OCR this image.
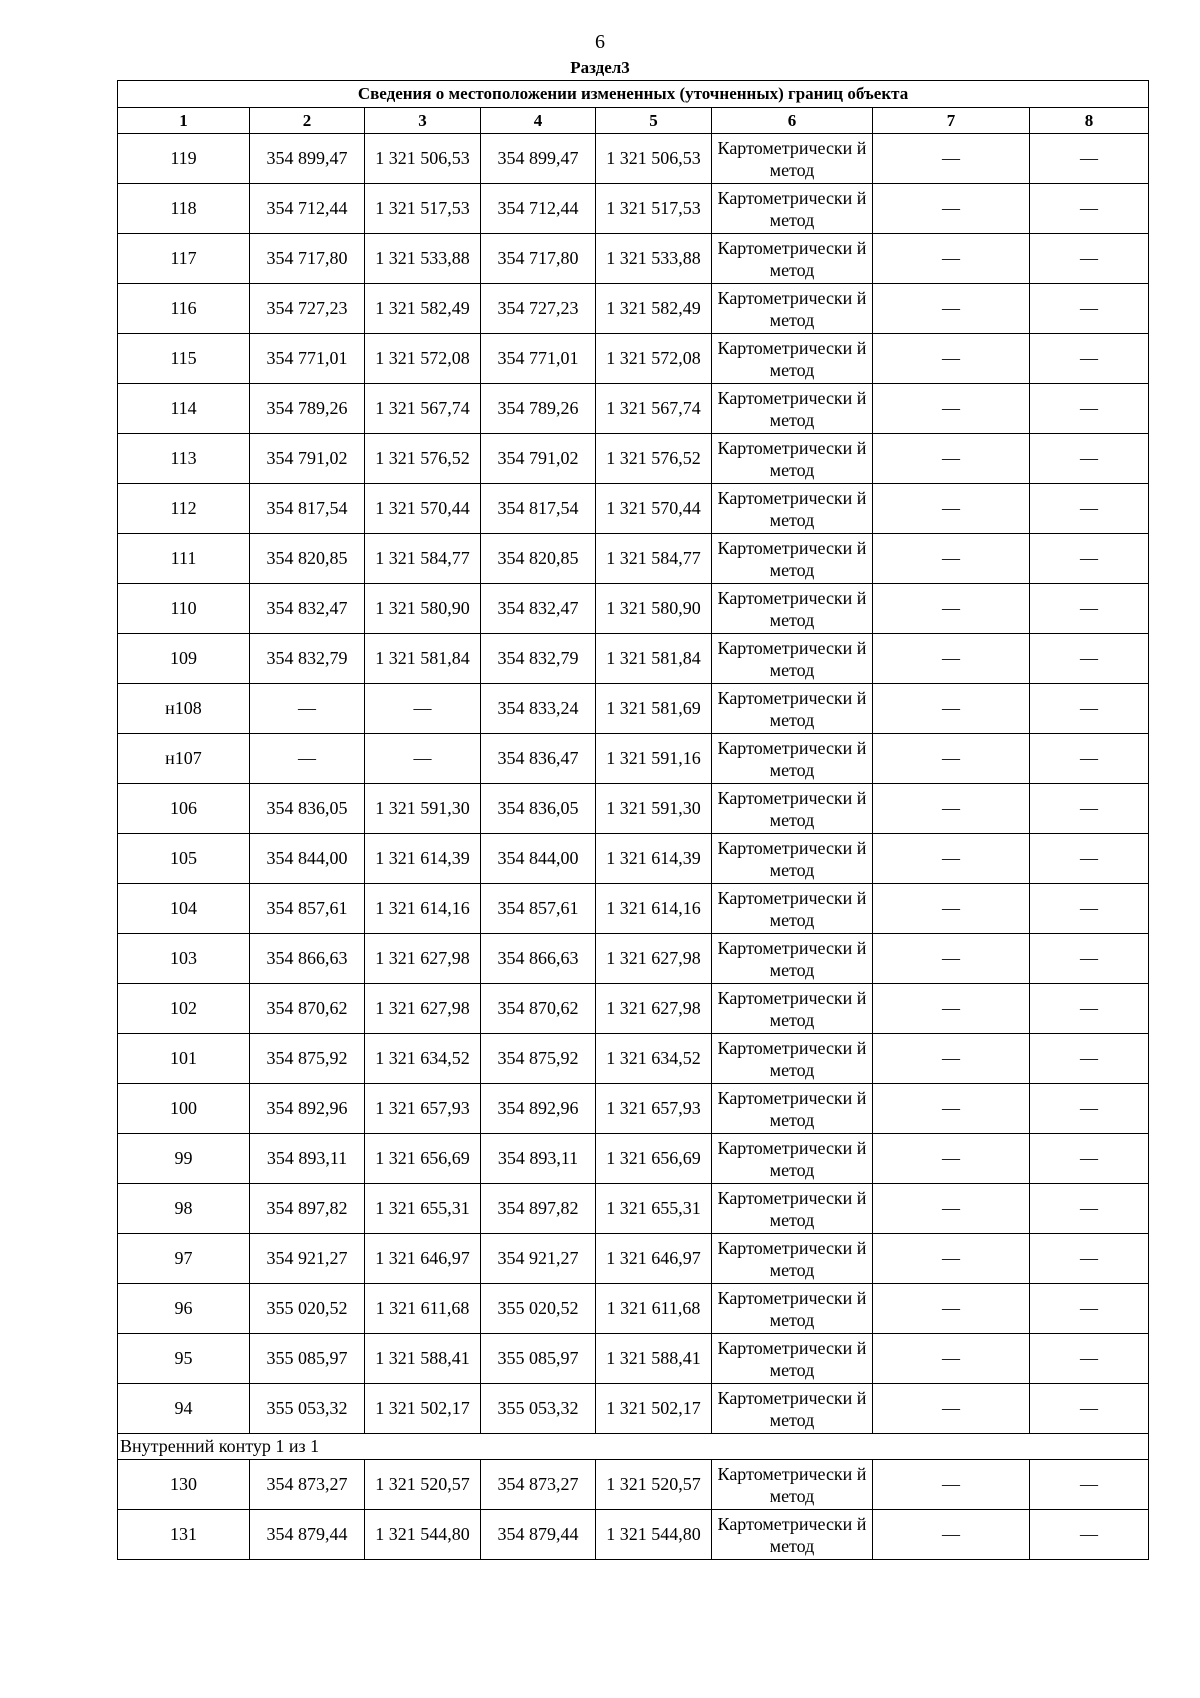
6
Раздел3
Сведения о местоположении измененных (уточненных) границ объекта							
1	2	3	4	5	6	7	8
119	354 899,47	1 321 506,53	354 899,47	1 321 506,53	Картометрически й метод	—	—
118	354 712,44	1 321 517,53	354 712,44	1 321 517,53	Картометрически й метод	—	—
117	354 717,80	1 321 533,88	354 717,80	1 321 533,88	Картометрически й метод	—	—
116	354 727,23	1 321 582,49	354 727,23	1 321 582,49	Картометрически й метод	—	—
115	354 771,01	1 321 572,08	354 771,01	1 321 572,08	Картометрически й метод	—	—
114	354 789,26	1 321 567,74	354 789,26	1 321 567,74	Картометрически й метод	—	—
113	354 791,02	1 321 576,52	354 791,02	1 321 576,52	Картометрически й метод	—	—
112	354 817,54	1 321 570,44	354 817,54	1 321 570,44	Картометрически й метод	—	—
111	354 820,85	1 321 584,77	354 820,85	1 321 584,77	Картометрически й метод	—	—
110	354 832,47	1 321 580,90	354 832,47	1 321 580,90	Картометрически й метод	—	—
109	354 832,79	1 321 581,84	354 832,79	1 321 581,84	Картометрически й метод	—	—
н108	—	—	354 833,24	1 321 581,69	Картометрически й метод	—	—
н107	—	—	354 836,47	1 321 591,16	Картометрически й метод	—	—
106	354 836,05	1 321 591,30	354 836,05	1 321 591,30	Картометрически й метод	—	—
105	354 844,00	1 321 614,39	354 844,00	1 321 614,39	Картометрически й метод	—	—
104	354 857,61	1 321 614,16	354 857,61	1 321 614,16	Картометрически й метод	—	—
103	354 866,63	1 321 627,98	354 866,63	1 321 627,98	Картометрически й метод	—	—
102	354 870,62	1 321 627,98	354 870,62	1 321 627,98	Картометрически й метод	—	—
101	354 875,92	1 321 634,52	354 875,92	1 321 634,52	Картометрически й метод	—	—
100	354 892,96	1 321 657,93	354 892,96	1 321 657,93	Картометрически й метод	—	—
99	354 893,11	1 321 656,69	354 893,11	1 321 656,69	Картометрически й метод	—	—
98	354 897,82	1 321 655,31	354 897,82	1 321 655,31	Картометрически й метод	—	—
97	354 921,27	1 321 646,97	354 921,27	1 321 646,97	Картометрически й метод	—	—
96	355 020,52	1 321 611,68	355 020,52	1 321 611,68	Картометрически й метод	—	—
95	355 085,97	1 321 588,41	355 085,97	1 321 588,41	Картометрически й метод	—	—
94	355 053,32	1 321 502,17	355 053,32	1 321 502,17	Картометрически й метод	—	—
Внутренний контур 1 из 1							
130	354 873,27	1 321 520,57	354 873,27	1 321 520,57	Картометрически й метод	—	—
131	354 879,44	1 321 544,80	354 879,44	1 321 544,80	Картометрически й метод	—	—
